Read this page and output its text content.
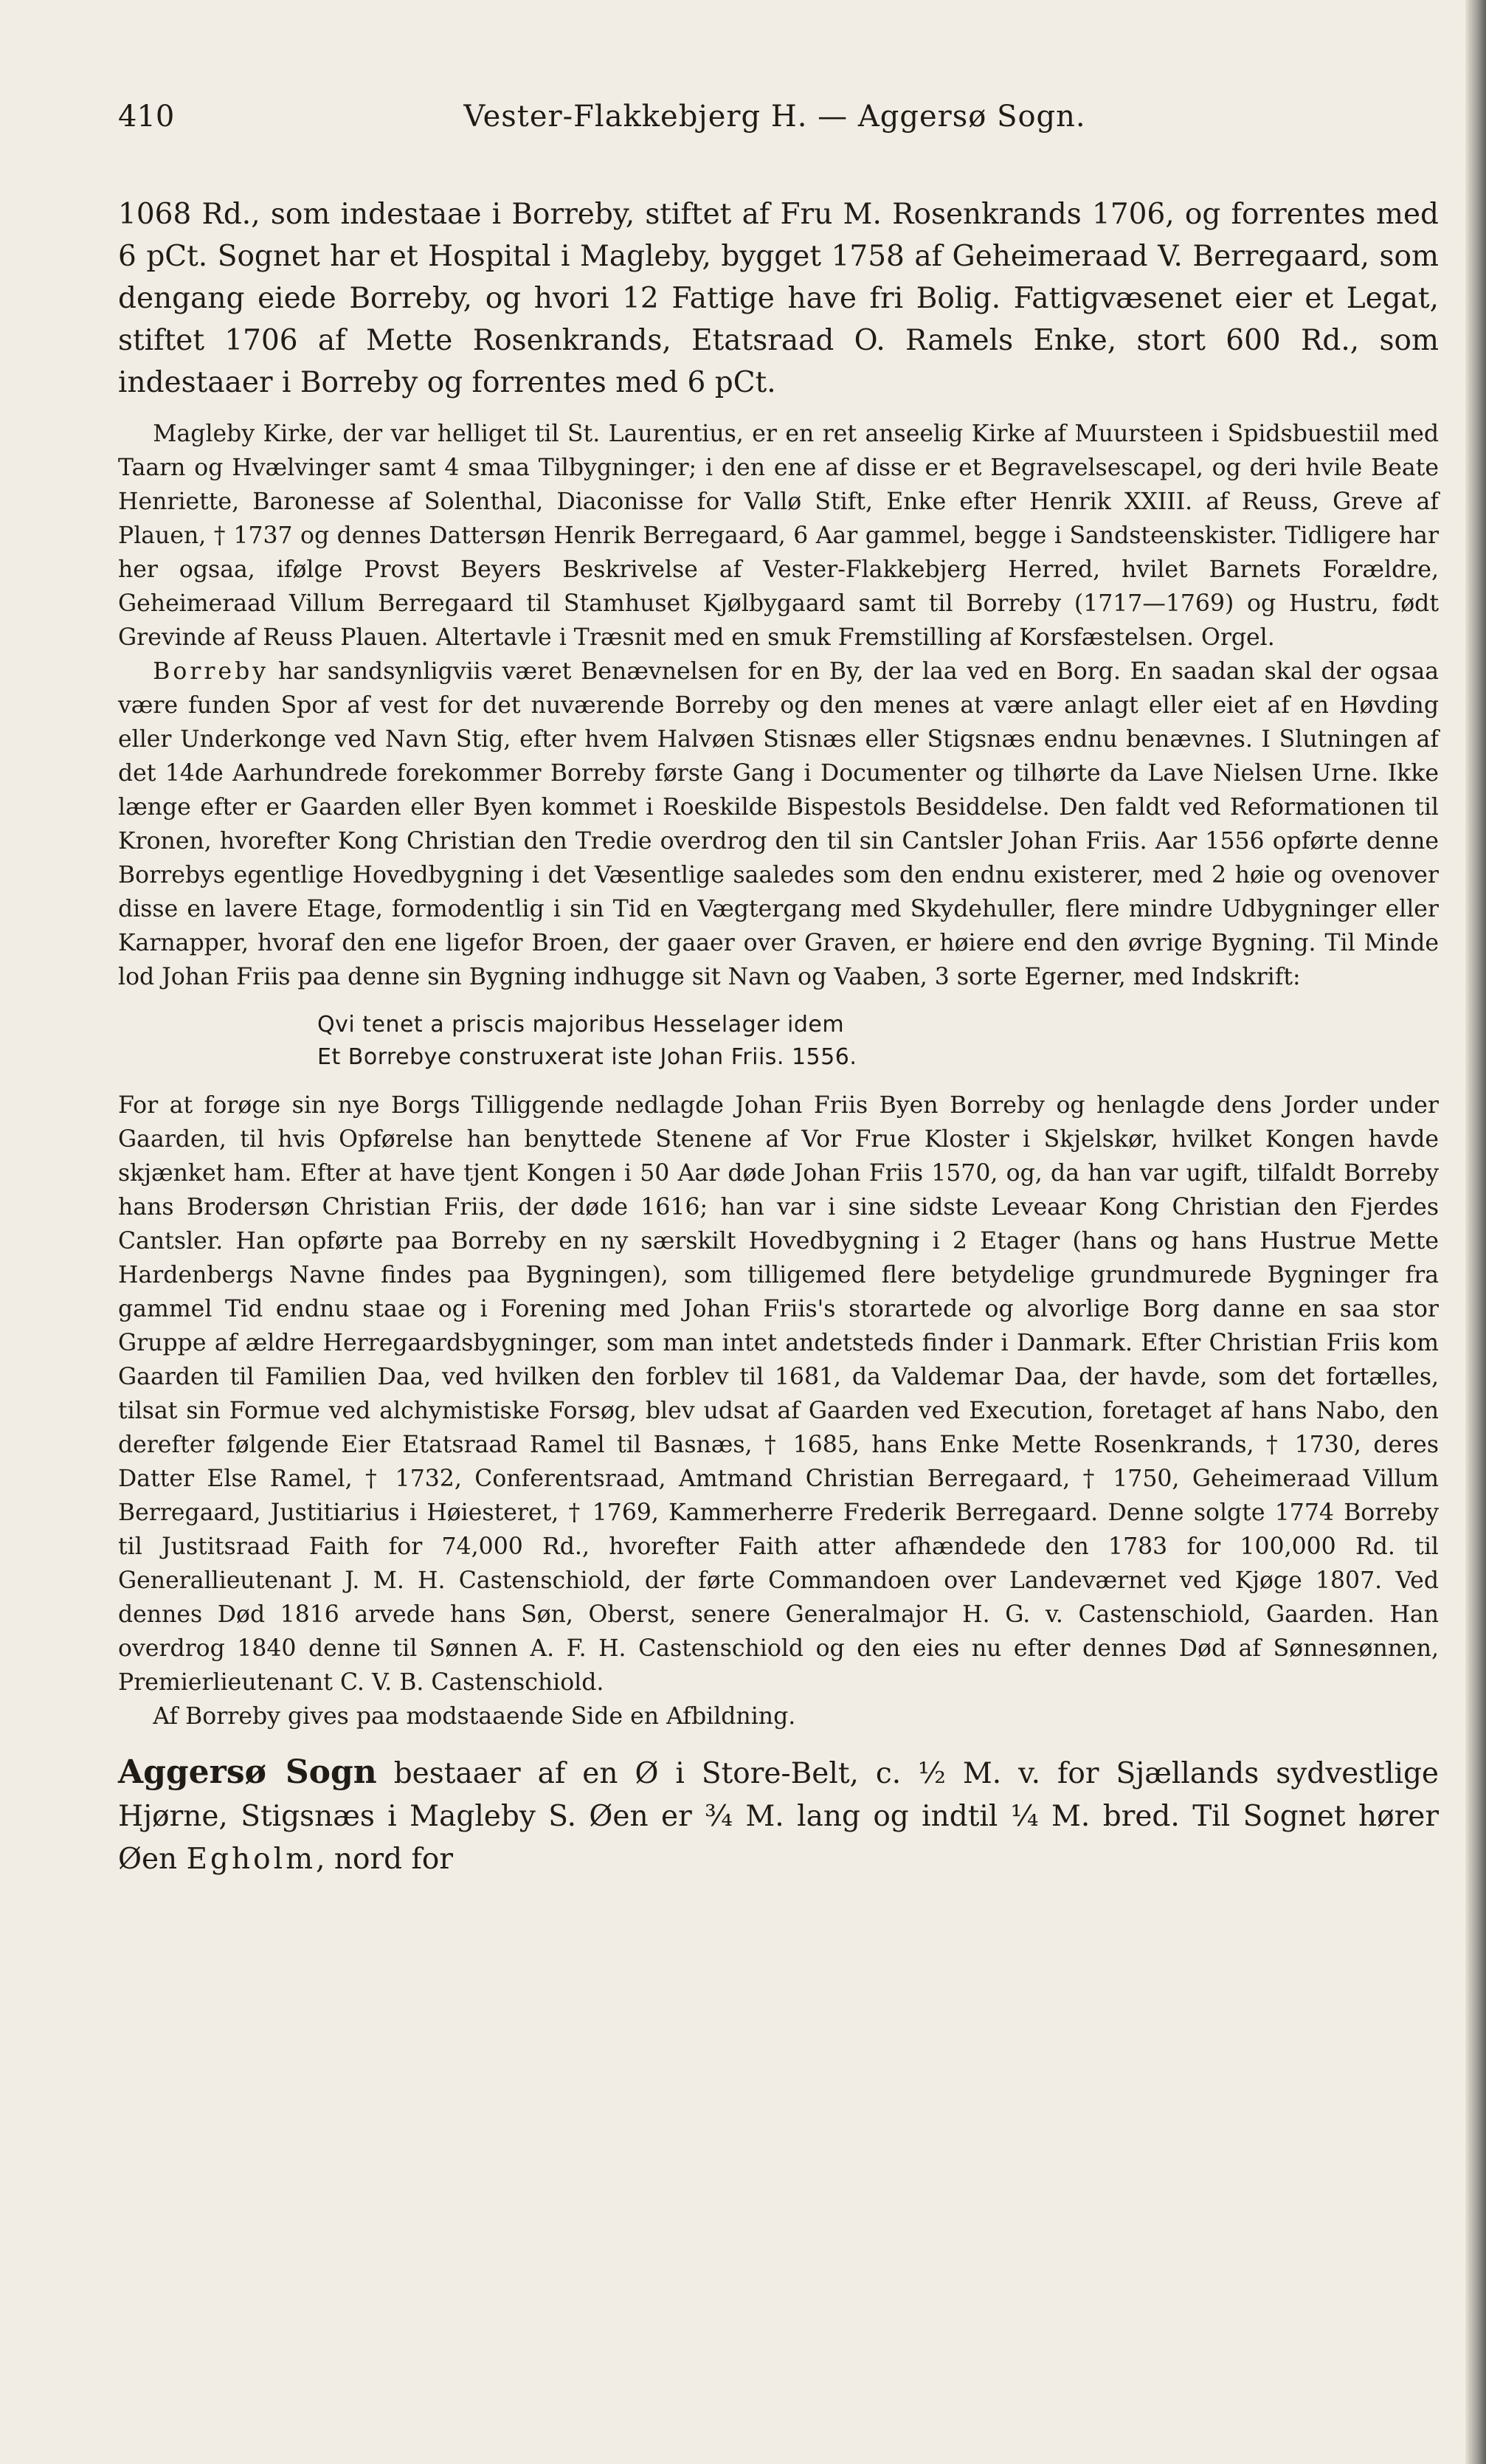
410	Vester-Flakkebjerg H. — Aggersø Sogn.

1068 Rd., som indestaae i Borreby, stiftet af Fru M. Rosenkrands 1706, og forrentes med 6 pCt. Sognet har et Hospital i Magleby, bygget 1758 af Geheimeraad V. Berregaard, som dengang eiede Borreby, og hvori 12 Fattige have fri Bolig. Fattigvæsenet eier et Legat, stiftet 1706 af Mette Rosenkrands, Etatsraad O. Ramels Enke, stort 600 Rd., som indestaaer i Borreby og forrentes med 6 pCt.

Magleby Kirke, der var helliget til St. Laurentius, er en ret anseelig Kirke af Muursteen i Spidsbuestiil med Taarn og Hvælvinger samt 4 smaa Tilbygninger; i den ene af disse er et Begravelsescapel, og deri hvile Beate Henriette, Baronesse af Solenthal, Diaconisse for Vallø Stift, Enke efter Henrik XXIII. af Reuss, Greve af Plauen, † 1737 og dennes Dattersøn Henrik Berregaard, 6 Aar gammel, begge i Sandsteenskister. Tidligere har her ogsaa, ifølge Provst Beyers Beskrivelse af Vester-Flakkebjerg Herred, hvilet Barnets Forældre, Geheimeraad Villum Berregaard til Stamhuset Kjølbygaard samt til Borreby (1717—1769) og Hustru, født Grevinde af Reuss Plauen. Altertavle i Træsnit med en smuk Fremstilling af Korsfæstelsen. Orgel.

Borreby har sandsynligviis været Benævnelsen for en By, der laa ved en Borg. En saadan skal der ogsaa være funden Spor af vest for det nuværende Borreby og den menes at være anlagt eller eiet af en Høvding eller Underkonge ved Navn Stig, efter hvem Halvøen Stisnæs eller Stigsnæs endnu benævnes. I Slutningen af det 14de Aarhundrede forekommer Borreby første Gang i Documenter og tilhørte da Lave Nielsen Urne. Ikke længe efter er Gaarden eller Byen kommet i Roeskilde Bispestols Besiddelse. Den faldt ved Reformationen til Kronen, hvorefter Kong Christian den Tredie overdrog den til sin Cantsler Johan Friis. Aar 1556 opførte denne Borrebys egentlige Hovedbygning i det Væsentlige saaledes som den endnu existerer, med 2 høie og ovenover disse en lavere Etage, formodentlig i sin Tid en Vægtergang med Skydehuller, flere mindre Udbygninger eller Karnapper, hvoraf den ene ligefor Broen, der gaaer over Graven, er høiere end den øvrige Bygning. Til Minde lod Johan Friis paa denne sin Bygning indhugge sit Navn og Vaaben, 3 sorte Egerner, med Indskrift:

Qvi tenet a priscis majoribus Hesselager idem
Et Borrebye construxerat iste Johan Friis. 1556.

For at forøge sin nye Borgs Tilliggende nedlagde Johan Friis Byen Borreby og henlagde dens Jorder under Gaarden, til hvis Opførelse han benyttede Stenene af Vor Frue Kloster i Skjelskør, hvilket Kongen havde skjænket ham. Efter at have tjent Kongen i 50 Aar døde Johan Friis 1570, og, da han var ugift, tilfaldt Borreby hans Brodersøn Christian Friis, der døde 1616; han var i sine sidste Leveaar Kong Christian den Fjerdes Cantsler. Han opførte paa Borreby en ny særskilt Hovedbygning i 2 Etager (hans og hans Hustrue Mette Hardenbergs Navne findes paa Bygningen), som tilligemed flere betydelige grundmurede Bygninger fra gammel Tid endnu staae og i Forening med Johan Friis's storartede og alvorlige Borg danne en saa stor Gruppe af ældre Herregaardsbygninger, som man intet andetsteds finder i Danmark. Efter Christian Friis kom Gaarden til Familien Daa, ved hvilken den forblev til 1681, da Valdemar Daa, der havde, som det fortælles, tilsat sin Formue ved alchymistiske Forsøg, blev udsat af Gaarden ved Execution, foretaget af hans Nabo, den derefter følgende Eier Etatsraad Ramel til Basnæs, † 1685, hans Enke Mette Rosenkrands, † 1730, deres Datter Else Ramel, † 1732, Conferentsraad, Amtmand Christian Berregaard, † 1750, Geheimeraad Villum Berregaard, Justitiarius i Høiesteret, † 1769, Kammerherre Frederik Berregaard. Denne solgte 1774 Borreby til Justitsraad Faith for 74,000 Rd., hvorefter Faith atter afhændede den 1783 for 100,000 Rd. til Generallieutenant J. M. H. Castenschiold, der førte Commandoen over Landeværnet ved Kjøge 1807. Ved dennes Død 1816 arvede hans Søn, Oberst, senere Generalmajor H. G. v. Castenschiold, Gaarden. Han overdrog 1840 denne til Sønnen A. F. H. Castenschiold og den eies nu efter dennes Død af Sønnesønnen, Premierlieutenant C. V. B. Castenschiold.

Af Borreby gives paa modstaaende Side en Afbildning.

Aggersø Sogn bestaaer af en Ø i Store-Belt, c. ½ M. v. for Sjællands sydvestlige Hjørne, Stigsnæs i Magleby S. Øen er ¾ M. lang og indtil ¼ M. bred. Til Sognet hører Øen Egholm, nord for
